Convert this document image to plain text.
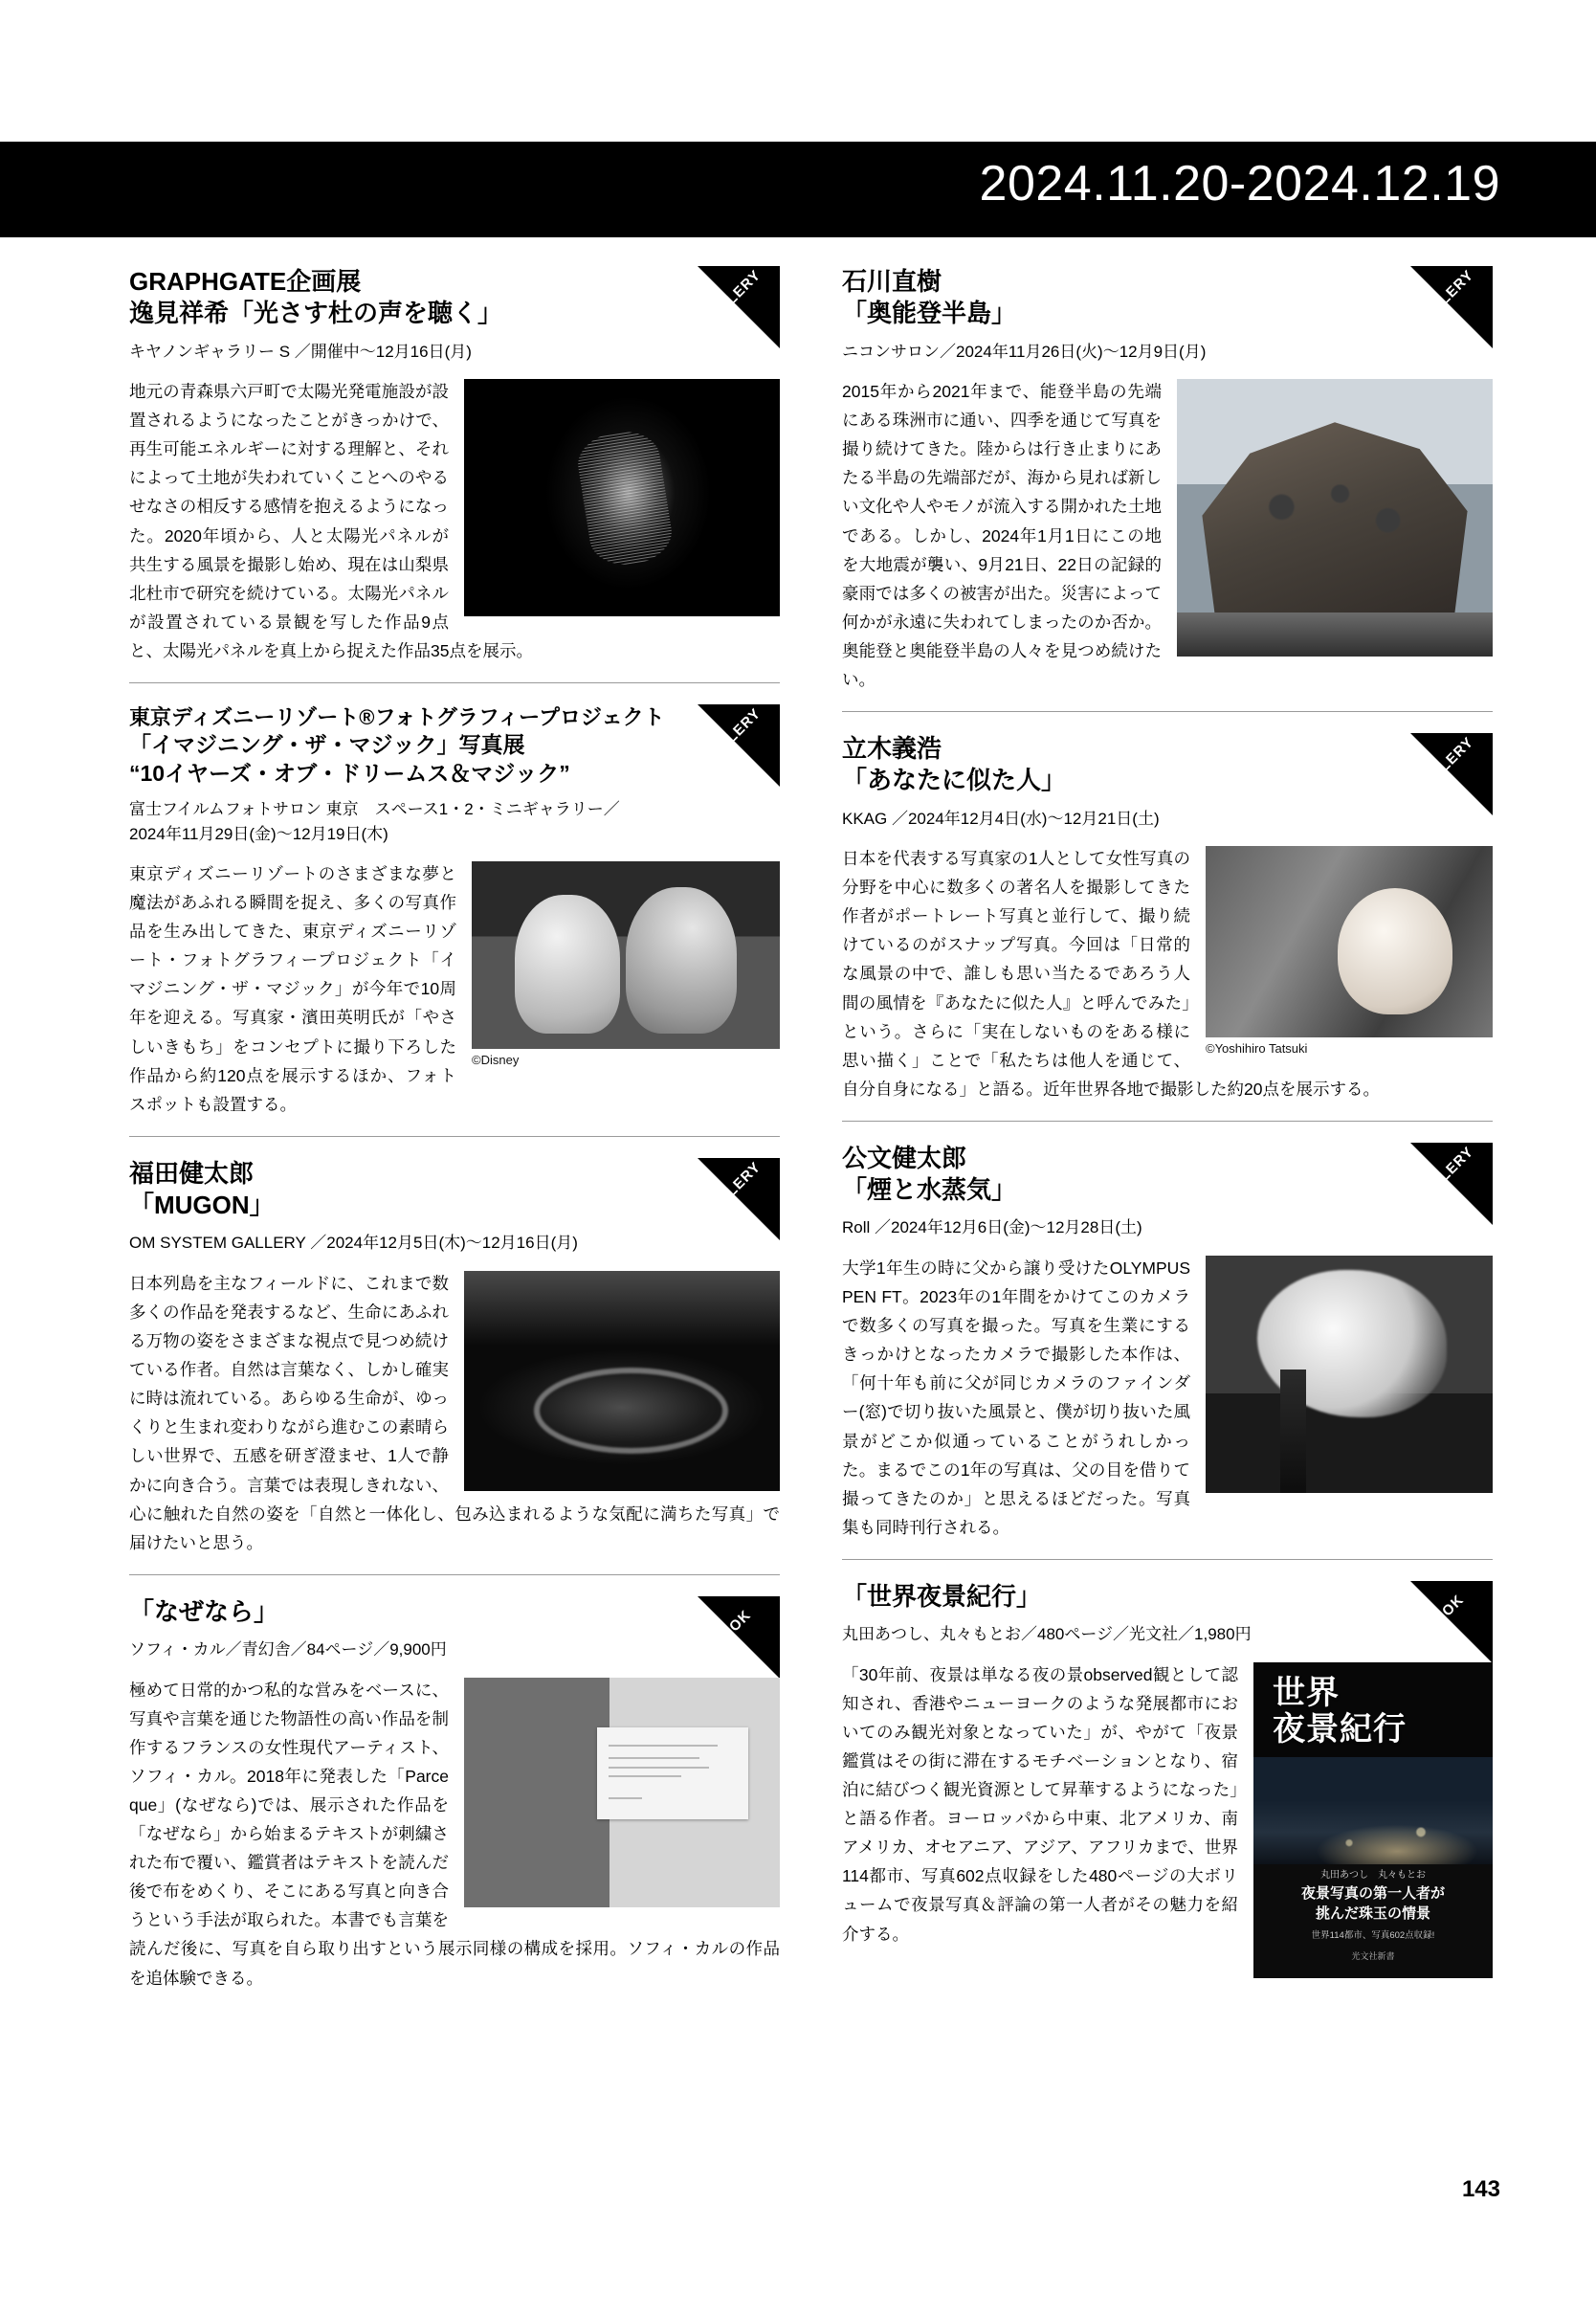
2024.11.20-2024.12.19
GALLERY
GRAPHGATE企画展
逸見祥希「光さす杜の声を聴く」
キヤノンギャラリー S ／開催中〜12月16日(月)
地元の青森県六戸町で太陽光発電施設が設置されるようになったことがきっかけで、再生可能エネルギーに対する理解と、それによって土地が失われていくことへのやるせなさの相反する感情を抱えるようになった。2020年頃から、人と太陽光パネルが共生する風景を撮影し始め、現在は山梨県北杜市で研究を続けている。太陽光パネルが設置されている景観を写した作品9点と、太陽光パネルを真上から捉えた作品35点を展示。
GALLERY
東京ディズニーリゾート®フォトグラフィープロジェクト
「イマジニング・ザ・マジック」写真展
“10イヤーズ・オブ・ドリームス＆マジック”
富士フイルムフォトサロン 東京　スペース1・2・ミニギャラリー／
2024年11月29日(金)〜12月19日(木)
©Disney
東京ディズニーリゾートのさまざまな夢と魔法があふれる瞬間を捉え、多くの写真作品を生み出してきた、東京ディズニーリゾート・フォトグラフィープロジェクト「イマジニング・ザ・マジック」が今年で10周年を迎える。写真家・濱田英明氏が「やさしいきもち」をコンセプトに撮り下ろした作品から約120点を展示するほか、フォトスポットも設置する。
GALLERY
福田健太郎
「MUGON」
OM SYSTEM GALLERY ／2024年12月5日(木)〜12月16日(月)
日本列島を主なフィールドに、これまで数多くの作品を発表するなど、生命にあふれる万物の姿をさまざまな視点で見つめ続けている作者。自然は言葉なく、しかし確実に時は流れている。あらゆる生命が、ゆっくりと生まれ変わりながら進むこの素晴らしい世界で、五感を研ぎ澄ませ、1人で静かに向き合う。言葉では表現しきれない、心に触れた自然の姿を「自然と一体化し、包み込まれるような気配に満ちた写真」で届けたいと思う。
BOOK
「なぜなら」
ソフィ・カル／青幻舎／84ページ／9,900円
極めて日常的かつ私的な営みをベースに、写真や言葉を通じた物語性の高い作品を制作するフランスの女性現代アーティスト、ソフィ・カル。2018年に発表した「Parce que」(なぜなら)では、展示された作品を「なぜなら」から始まるテキストが刺繍された布で覆い、鑑賞者はテキストを読んだ後で布をめくり、そこにある写真と向き合うという手法が取られた。本書でも言葉を読んだ後に、写真を自ら取り出すという展示同様の構成を採用。ソフィ・カルの作品を追体験できる。
GALLERY
石川直樹
「奥能登半島」
ニコンサロン／2024年11月26日(火)〜12月9日(月)
2015年から2021年まで、能登半島の先端にある珠洲市に通い、四季を通じて写真を撮り続けてきた。陸からは行き止まりにあたる半島の先端部だが、海から見れば新しい文化や人やモノが流入する開かれた土地である。しかし、2024年1月1日にこの地を大地震が襲い、9月21日、22日の記録的豪雨では多くの被害が出た。災害によって何かが永遠に失われてしまったのか否か。奥能登と奥能登半島の人々を見つめ続けたい。
GALLERY
立木義浩
「あなたに似た人」
KKAG ／2024年12月4日(水)〜12月21日(土)
©Yoshihiro Tatsuki
日本を代表する写真家の1人として女性写真の分野を中心に数多くの著名人を撮影してきた作者がポートレート写真と並行して、撮り続けているのがスナップ写真。今回は「日常的な風景の中で、誰しも思い当たるであろう人間の風情を『あなたに似た人』と呼んでみた」という。さらに「実在しないものをある様に思い描く」ことで「私たちは他人を通じて、自分自身になる」と語る。近年世界各地で撮影した約20点を展示する。
GALLERY
公文健太郎
「煙と水蒸気」
Roll ／2024年12月6日(金)〜12月28日(土)
大学1年生の時に父から譲り受けたOLYMPUS PEN FT。2023年の1年間をかけてこのカメラで数多くの写真を撮った。写真を生業にするきっかけとなったカメラで撮影した本作は、「何十年も前に父が同じカメラのファインダー(窓)で切り抜いた風景と、僕が切り抜いた風景がどこか似通っていることがうれしかった。まるでこの1年の写真は、父の目を借りて撮ってきたのか」と思えるほどだった。写真集も同時刊行される。
BOOK
「世界夜景紀行」
丸田あつし、丸々もとお／480ページ／光文社／1,980円
世界
夜景紀行
丸田あつし　丸々もとお
夜景写真の第一人者が
挑んだ珠玉の情景
世界114都市、写真602点収録!
光文社新書
「30年前、夜景は単なる夜の景observed観として認知され、香港やニューヨークのような発展都市においてのみ観光対象となっていた」が、やがて「夜景鑑賞はその街に滞在するモチベーションとなり、宿泊に結びつく観光資源として昇華するようになった」と語る作者。ヨーロッパから中東、北アメリカ、南アメリカ、オセアニア、アジア、アフリカまで、世界114都市、写真602点収録をした480ページの大ボリュームで夜景写真＆評論の第一人者がその魅力を紹介する。
143
